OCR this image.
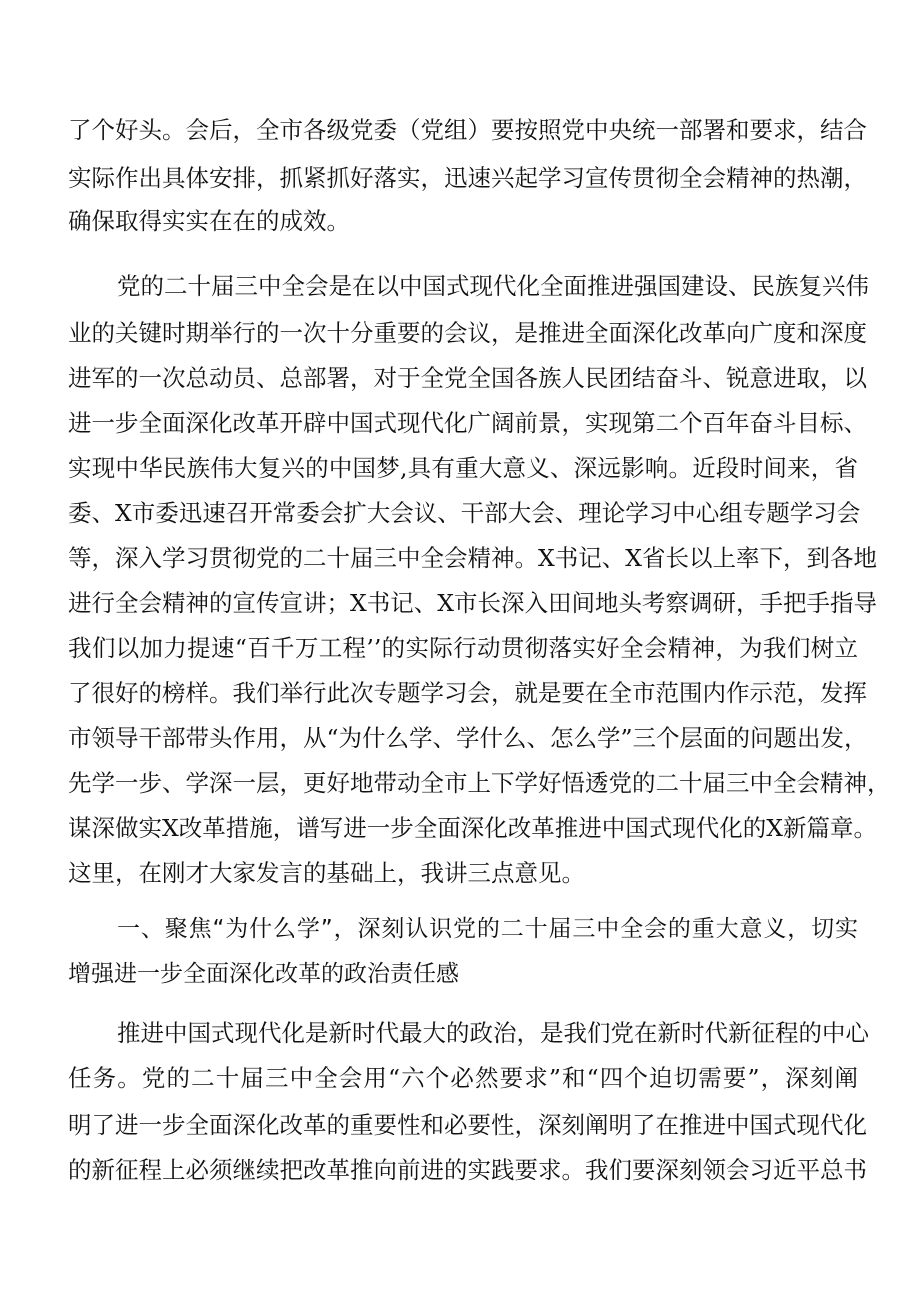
了个好头。会后，全市各级党委（党组）要按照党中央统一部署和要求，结合
实际作出具体安排，抓紧抓好落实，迅速兴起学习宣传贯彻全会精神的热潮，
确保取得实实在在的成效。
党的二十届三中全会是在以中国式现代化全面推进强国建设、民族复兴伟
业的关键时期举行的一次十分重要的会议，是推进全面深化改革向广度和深度
进军的一次总动员、总部署，对于全党全国各族人民团结奋斗、锐意进取，以
进一步全面深化改革开辟中国式现代化广阔前景，实现第二个百年奋斗目标、
实现中华民族伟大复兴的中国梦,具有重大意义、深远影响。近段时间来，省
委、X市委迅速召开常委会扩大会议、干部大会、理论学习中心组专题学习会
等，深入学习贯彻党的二十届三中全会精神。X书记、X省长以上率下，到各地
进行全会精神的宣传宣讲；X书记、X市长深入田间地头考察调研，手把手指导
我们以加力提速“百千万工程’’的实际行动贯彻落实好全会精神，为我们树立
了很好的榜样。我们举行此次专题学习会，就是要在全市范围内作示范，发挥
市领导干部带头作用，从“为什么学、学什么、怎么学”三个层面的问题出发，
先学一步、学深一层，更好地带动全市上下学好悟透党的二十届三中全会精神，
谋深做实X改革措施，谱写进一步全面深化改革推进中国式现代化的X新篇章。
这里，在刚才大家发言的基础上，我讲三点意见。
一、聚焦“为什么学”，深刻认识党的二十届三中全会的重大意义，切实
增强进一步全面深化改革的政治责任感
推进中国式现代化是新时代最大的政治，是我们党在新时代新征程的中心
任务。党的二十届三中全会用“六个必然要求”和“四个迫切需要”，深刻阐
明了进一步全面深化改革的重要性和必要性，深刻阐明了在推进中国式现代化
的新征程上必须继续把改革推向前进的实践要求。我们要深刻领会习近平总书
